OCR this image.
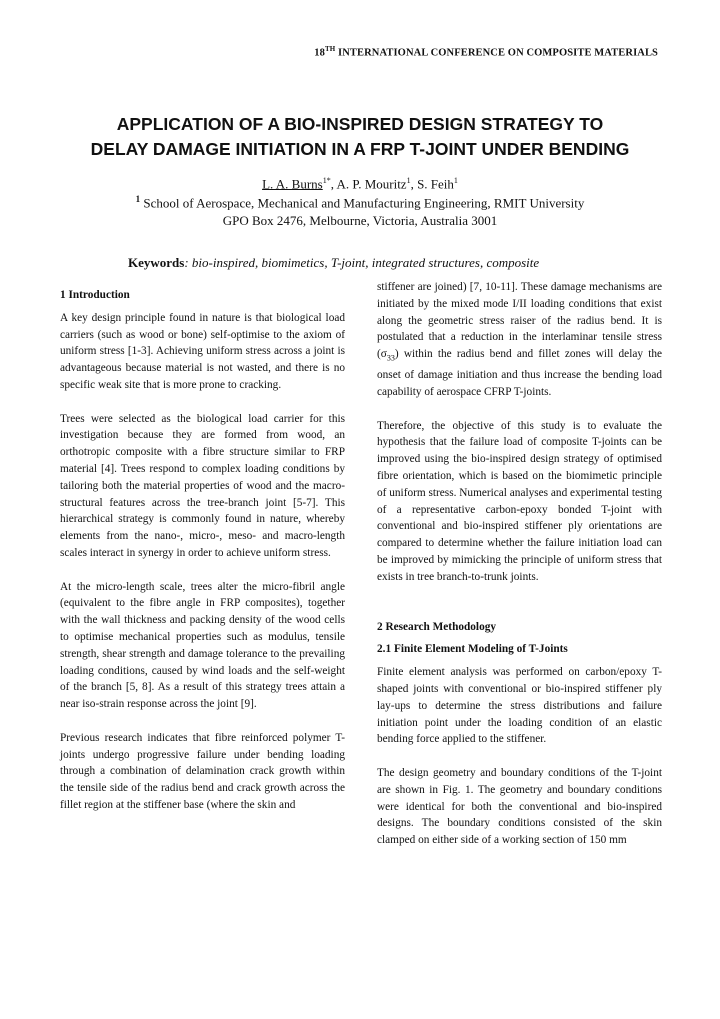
18TH INTERNATIONAL CONFERENCE ON COMPOSITE MATERIALS
APPLICATION OF A BIO-INSPIRED DESIGN STRATEGY TO
DELAY DAMAGE INITIATION IN A FRP T-JOINT UNDER BENDING
L. A. Burns$^{1*}$, A. P. Mouritz$^1$, S. Feih$^1$
$^1$ School of Aerospace, Mechanical and Manufacturing Engineering, RMIT University
GPO Box 2476, Melbourne, Victoria, Australia 3001
Keywords: bio-inspired, biomimetics, T-joint, integrated structures, composite
1 Introduction

A key design principle found in nature is that biological load carriers (such as wood or bone) self-optimise to the axiom of uniform stress [1-3]. Achieving uniform stress across a joint is advantageous because material is not wasted, and there is no specific weak site that is more prone to cracking.

Trees were selected as the biological load carrier for this investigation because they are formed from wood, an orthotropic composite with a fibre structure similar to FRP material [4]. Trees respond to complex loading conditions by tailoring both the material properties of wood and the macro-structural features across the tree-branch joint [5-7]. This hierarchical strategy is commonly found in nature, whereby elements from the nano-, micro-, meso- and macro-length scales interact in synergy in order to achieve uniform stress.

At the micro-length scale, trees alter the micro-fibril angle (equivalent to the fibre angle in FRP composites), together with the wall thickness and packing density of the wood cells to optimise mechanical properties such as modulus, tensile strength, shear strength and damage tolerance to the prevailing loading conditions, caused by wind loads and the self-weight of the branch [5, 8]. As a result of this strategy trees attain a near iso-strain response across the joint [9].

Previous research indicates that fibre reinforced polymer T-joints undergo progressive failure under bending loading through a combination of delamination crack growth within the tensile side of the radius bend and crack growth across the fillet region at the stiffener base (where the skin and

stiffener are joined) [7, 10-11]. These damage mechanisms are initiated by the mixed mode I/II loading conditions that exist along the geometric stress raiser of the radius bend. It is postulated that a reduction in the interlaminar tensile stress $(\sigma_{33})$ within the radius bend and fillet zones will delay the onset of damage initiation and thus increase the bending load capability of aerospace CFRP T-joints.

Therefore, the objective of this study is to evaluate the hypothesis that the failure load of composite T-joints can be improved using the bio-inspired design strategy of optimised fibre orientation, which is based on the biomimetic principle of uniform stress. Numerical analyses and experimental testing of a representative carbon-epoxy bonded T-joint with conventional and bio-inspired stiffener ply orientations are compared to determine whether the failure initiation load can be improved by mimicking the principle of uniform stress that exists in tree branch-to-trunk joints.

2 Research Methodology
2.1 Finite Element Modeling of T-Joints

Finite element analysis was performed on carbon/epoxy T-shaped joints with conventional or bio-inspired stiffener ply lay-ups to determine the stress distributions and failure initiation point under the loading condition of an elastic bending force applied to the stiffener.

The design geometry and boundary conditions of the T-joint are shown in Fig. 1. The geometry and boundary conditions were identical for both the conventional and bio-inspired designs. The boundary conditions consisted of the skin clamped on either side of a working section of 150 mm
